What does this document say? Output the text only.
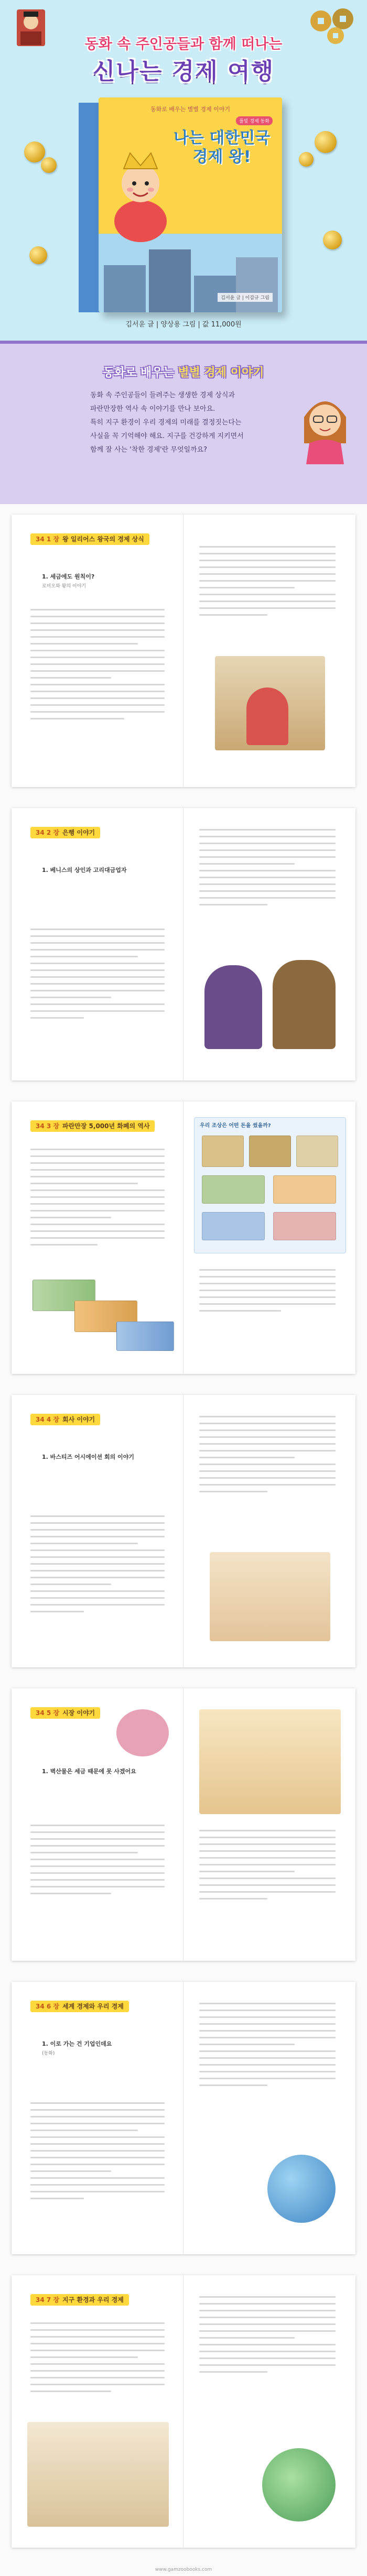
동화 속 주인공들과 함께 떠나는
신나는 경제 여행
동화로 배우는 별별 경제 이야기
풀빛 경제 동화
나는 대한민국
경제 왕!
김서윤 글 | 이갑규 그림
김서윤 글 | 양상용 그림 | 값 11,000원
동화로 배우는 별별 경제 이야기

동화 속 주인공들이 들려주는 생생한 경제 상식과

파란만장한 역사 속 이야기를 만나 보아요.

특히 지구 환경이 우리 경제의 미래를 결정짓는다는

사실을 꼭 기억해야 해요. 지구를 건강하게 지키면서

함께 잘 사는 '착한 경제'란 무엇일까요?

34 1 장 왕 일리어스 왕국의 경제 상식
1. 세금에도 원칙이?
로미오와 왕의 이야기
34 2 장 은행 이야기
1. 베니스의 상인과 고리대금업자
34 3 장 파란만장 5,000년 화폐의 역사	우리 조상은 어떤 돈을 썼을까?
34 4 장 회사 이야기
1. 바스티즈 어시에이션 회의 이야기
34 5 장 시장 이야기
1. 벽산물은 세금 때문에 못 사겠어요
34 6 장 세계 경제와 우리 경제
1. 이로 가는 건 기업인데요
(동화)
34 7 장 지구 환경과 우리 경제
www.gamzoobooks.com
